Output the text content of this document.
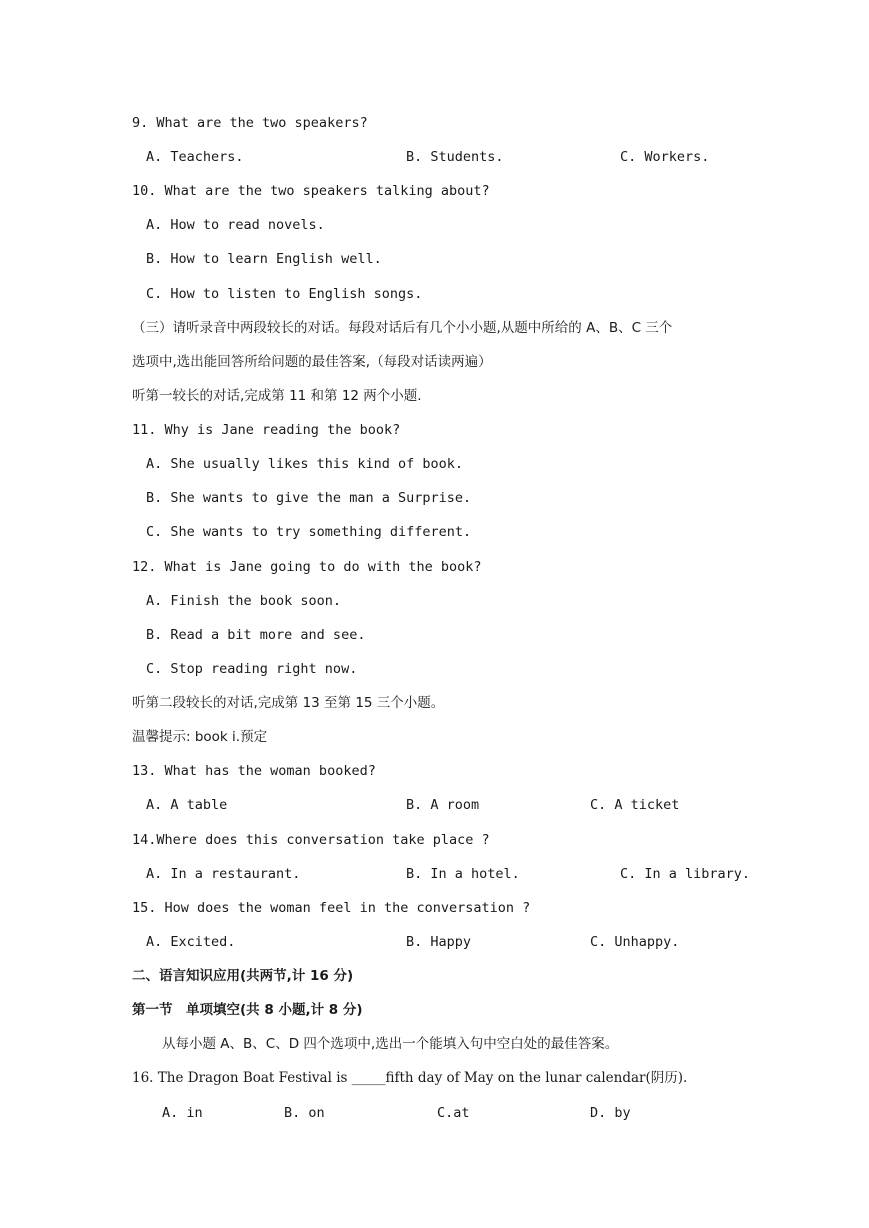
9. What are the two speakers?
A. Teachers.	B. Students.	C. Workers.
10. What are the two speakers talking about?
A. How to read novels.
B. How to learn English well.
C. How to listen to English songs.
（三）请听录音中两段较长的对话。每段对话后有几个小小题,从题中所给的 A、B、C 三个
选项中,选出能回答所给问题的最佳答案,（每段对话读两遍）
听第一较长的对话,完成第 11 和第 12 两个小题.
11. Why is Jane reading the book?
A. She usually likes this kind of book.
B. She wants to give the man a Surprise.
C. She wants to try something different.
12. What is Jane going to do with the book?
A. Finish the book soon.
B. Read a bit more and see.
C. Stop reading right now.
听第二段较长的对话,完成第 13 至第 15 三个小题。
温馨提示: book i.预定
13. What has the woman booked?
A. A table	B. A room	C. A ticket
14.Where does this conversation take place ?
A. In a restaurant.	B. In a hotel.	C. In a library.
15. How does the woman feel in the conversation ?
A. Excited.	B. Happy	C. Unhappy.
二、语言知识应用(共两节,计 16 分)
第一节　单项填空(共 8 小题,计 8 分)
从每小题 A、B、C、D 四个选项中,选出一个能填入句中空白处的最佳答案。
16. The Dragon Boat Festival is _____fifth day of May on the lunar calendar(阴历).
A. in	B. on	C.at	D. by
